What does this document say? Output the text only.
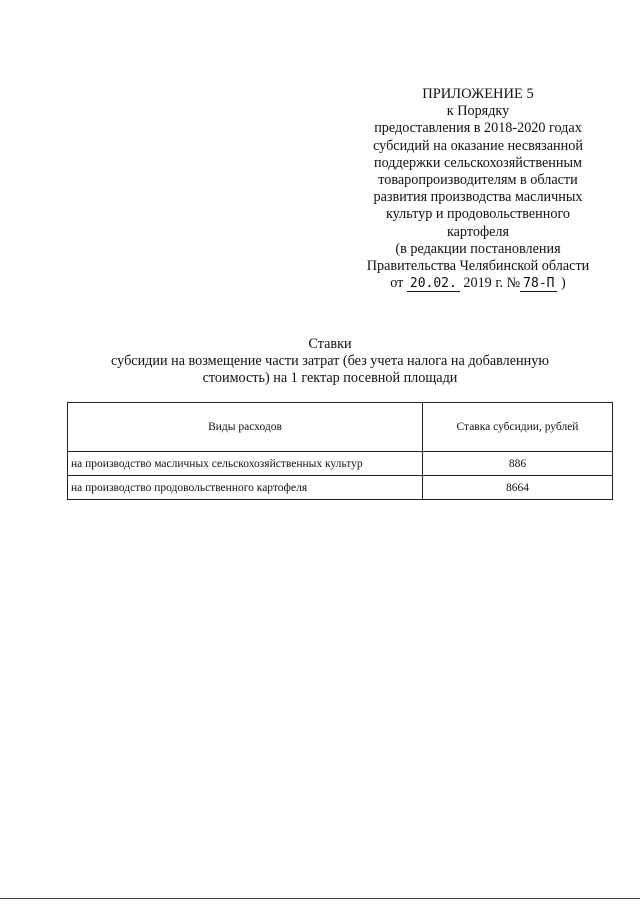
ПРИЛОЖЕНИЕ 5
к Порядку
предоставления в 2018-2020 годах
субсидий на оказание несвязанной
поддержки сельскохозяйственным
товаропроизводителям в области
развития производства масличных
культур и продовольственного
картофеля
(в редакции постановления
Правительства Челябинской области
от 20.02. 2019 г. № 78-П )
Ставки
субсидии на возмещение части затрат (без учета налога на добавленную
стоимость) на 1 гектар посевной площади
Виды расходов	Ставка субсидии, рублей
на производство масличных сельскохозяйственных культур	886
на производство продовольственного картофеля	8664
